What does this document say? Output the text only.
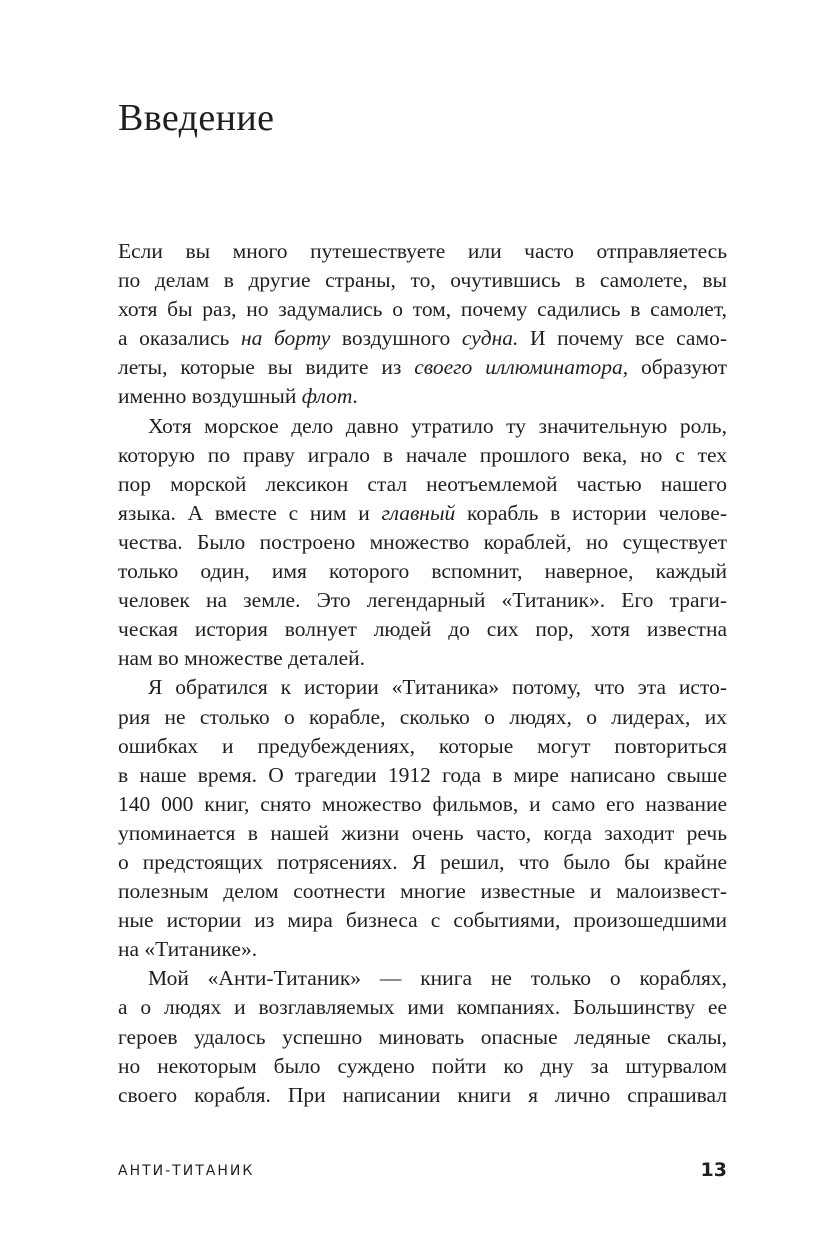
Введение
Если вы много путешествуете или часто отправляетесь
по делам в другие страны, то, очутившись в самолете, вы
хотя бы раз, но задумались о том, почему садились в самолет,
а оказались на борту воздушного судна. И почему все само-
леты, которые вы видите из своего иллюминатора, образуют
именно воздушный флот.
Хотя морское дело давно утратило ту значительную роль,
которую по праву играло в начале прошлого века, но с тех
пор морской лексикон стал неотъемлемой частью нашего
языка. А вместе с ним и главный корабль в истории челове-
чества. Было построено множество кораблей, но существует
только один, имя которого вспомнит, наверное, каждый
человек на земле. Это легендарный «Титаник». Его траги-
ческая история волнует людей до сих пор, хотя известна
нам во множестве деталей.
Я обратился к истории «Титаника» потому, что эта исто-
рия не столько о корабле, сколько о людях, о лидерах, их
ошибках и предубеждениях, которые могут повториться
в наше время. О трагедии 1912 года в мире написано свыше
140 000 книг, снято множество фильмов, и само его название
упоминается в нашей жизни очень часто, когда заходит речь
о предстоящих потрясениях. Я решил, что было бы крайне
полезным делом соотнести многие известные и малоизвест-
ные истории из мира бизнеса с событиями, произошедшими
на «Титанике».
Мой «Анти-Титаник» — книга не только о кораблях,
а о людях и возглавляемых ими компаниях. Большинству ее
героев удалось успешно миновать опасные ледяные скалы,
но некоторым было суждено пойти ко дну за штурвалом
своего корабля. При написании книги я лично спрашивал
АНТИ-ТИТАНИК	13
